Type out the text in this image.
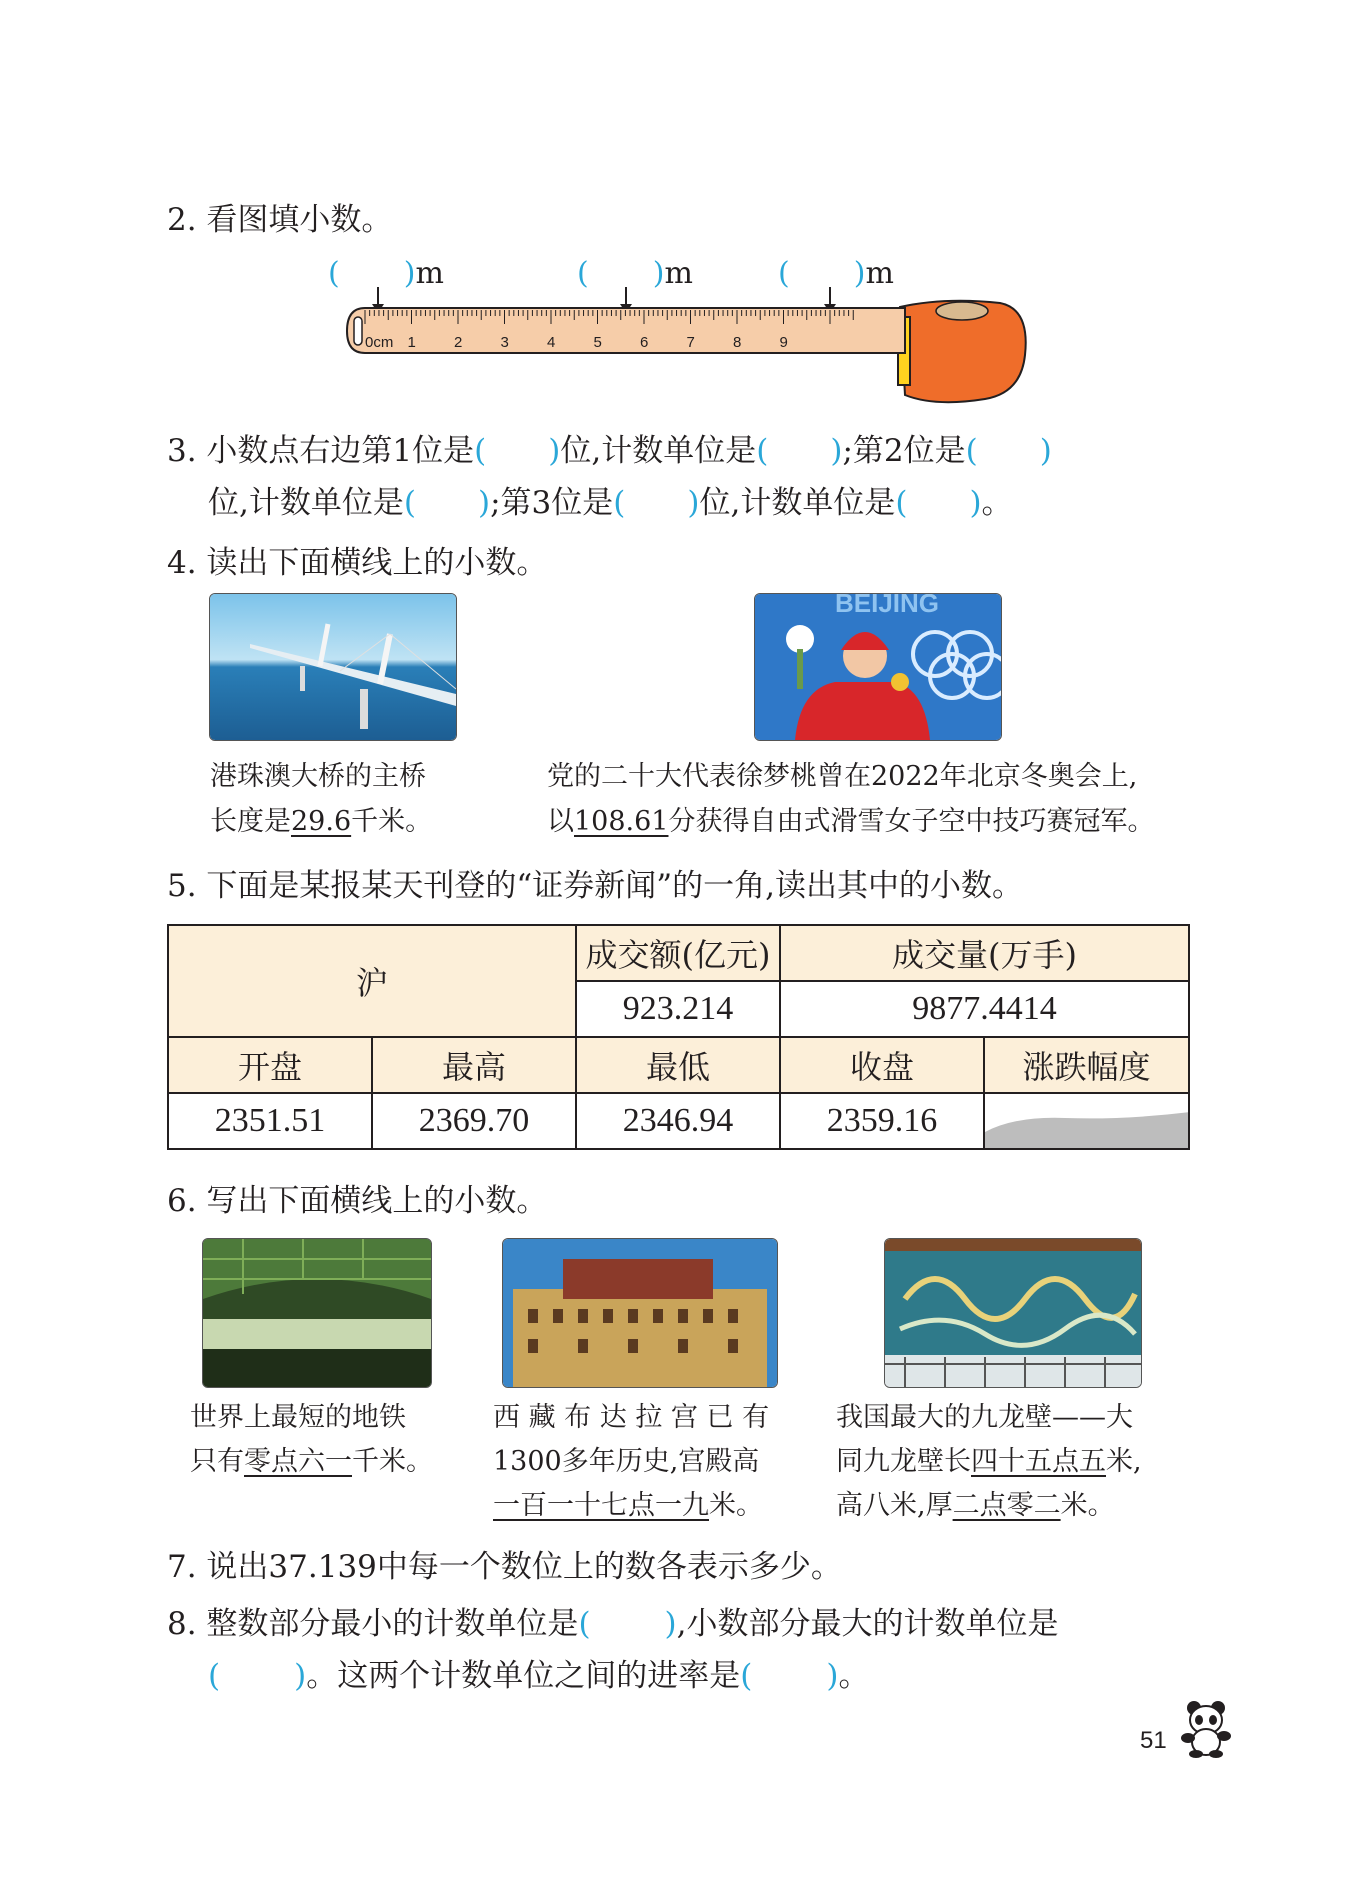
2. 看图填小数。
( )m	( )m	( )m
0cm 1	2	3	4	5	6	7	8	9
3. 小数点右边第1位是( )位,计数单位是( );第2位是( )
位,计数单位是( );第3位是( )位,计数单位是( )。
4. 读出下面横线上的小数。
港珠澳大桥的主桥
长度是29.6千米。
BEIJING
党的二十大代表徐梦桃曾在2022年北京冬奥会上,
以108.61分获得自由式滑雪女子空中技巧赛冠军。
5. 下面是某报某天刊登的“证券新闻”的一角,读出其中的小数。
沪		成交额(亿元)	成交量(万手)	
		923.214	9877.4414	
开盘	最高	最低	收盘	涨跌幅度
2351.51	2369.70	2346.94	2359.16	
6. 写出下面横线上的小数。
世界上最短的地铁
只有零点六一千米。
西 藏 布 达 拉 宫 已 有
1300多年历史,宫殿高
一百一十七点一九米。
我国最大的九龙壁——大
同九龙壁长四十五点五米,
高八米,厚二点零二米。
7. 说出37.139中每一个数位上的数各表示多少。
8. 整数部分最小的计数单位是( ),小数部分最大的计数单位是
( )。这两个计数单位之间的进率是( )。
51
